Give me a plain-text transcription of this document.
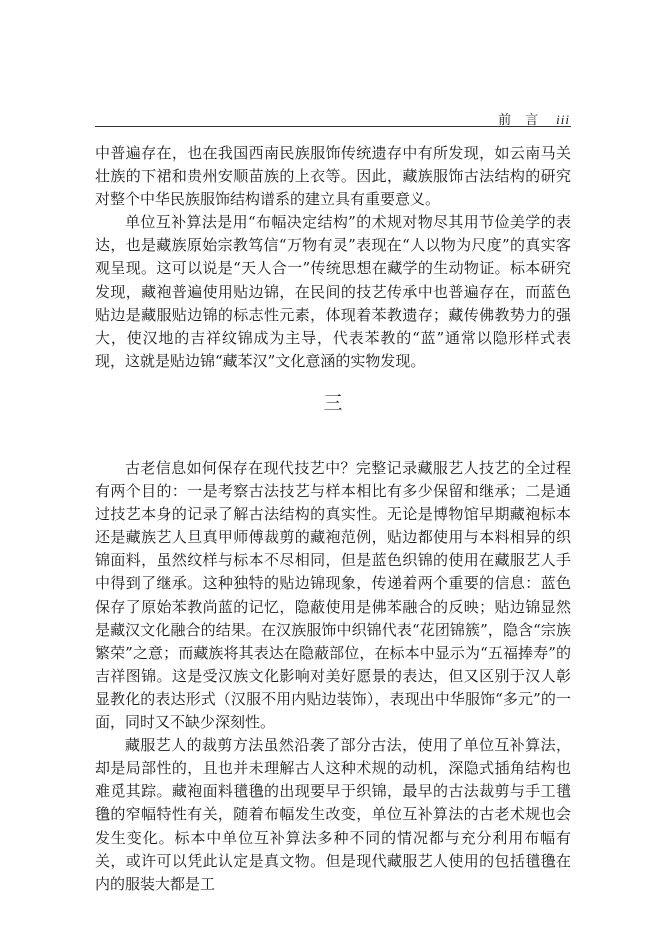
前言 iii

中普遍存在，也在我国西南民族服饰传统遗存中有所发现，如云南马关壮族的下裙和贵州安顺苗族的上衣等。因此，藏族服饰古法结构的研究对整个中华民族服饰结构谱系的建立具有重要意义。

单位互补算法是用“布幅决定结构”的术规对物尽其用节俭美学的表达，也是藏族原始宗教笃信“万物有灵”表现在“人以物为尺度”的真实客观呈现。这可以说是“天人合一”传统思想在藏学的生动物证。标本研究发现，藏袍普遍使用贴边锦，在民间的技艺传承中也普遍存在，而蓝色贴边是藏服贴边锦的标志性元素，体现着苯教遗存；藏传佛教势力的强大，使汉地的吉祥纹锦成为主导，代表苯教的“蓝”通常以隐形样式表现，这就是贴边锦“藏苯汉”文化意涵的实物发现。

三

古老信息如何保存在现代技艺中？完整记录藏服艺人技艺的全过程有两个目的：一是考察古法技艺与样本相比有多少保留和继承；二是通过技艺本身的记录了解古法结构的真实性。无论是博物馆早期藏袍标本还是藏族艺人旦真甲师傅裁剪的藏袍范例，贴边都使用与本料相异的织锦面料，虽然纹样与标本不尽相同，但是蓝色织锦的使用在藏服艺人手中得到了继承。这种独特的贴边锦现象，传递着两个重要的信息：蓝色保存了原始苯教尚蓝的记忆，隐蔽使用是佛苯融合的反映；贴边锦显然是藏汉文化融合的结果。在汉族服饰中织锦代表“花团锦簇”，隐含“宗族繁荣”之意；而藏族将其表达在隐蔽部位，在标本中显示为“五福捧寿”的吉祥图锦。这是受汉族文化影响对美好愿景的表达，但又区别于汉人彰显教化的表达形式（汉服不用内贴边装饰），表现出中华服饰“多元”的一面，同时又不缺少深刻性。

藏服艺人的裁剪方法虽然沿袭了部分古法，使用了单位互补算法，却是局部性的，且也并未理解古人这种术规的动机，深隐式插角结构也难觅其踪。藏袍面料氆氇的出现要早于织锦，最早的古法裁剪与手工氆氇的窄幅特性有关，随着布幅发生改变，单位互补算法的古老术规也会发生变化。标本中单位互补算法多种不同的情况都与充分利用布幅有关，或许可以凭此认定是真文物。但是现代藏服艺人使用的包括氆氇在内的服装大都是工
